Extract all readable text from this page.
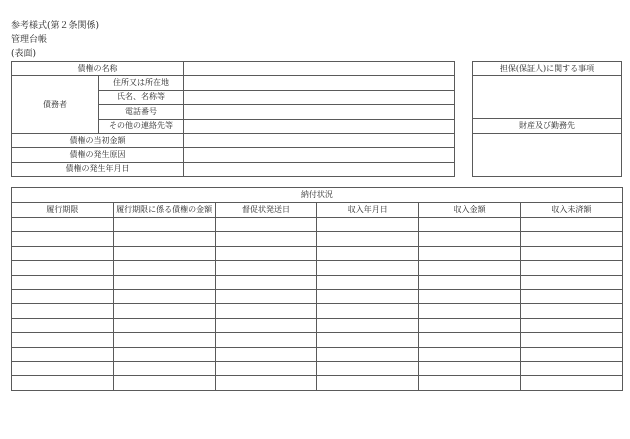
参考様式(第２条関係)
管理台帳
(表面)
債権の名称		
債務者	住所又は所在地	
	氏名、名称等	
	電話番号	
	その他の連絡先等	
債権の当初金額		
債権の発生原因		
債権の発生年月日		
担保(保証人)に関する事項

財産及び勤務先

納付状況					
履行期限	履行期限に係る債権の金額	督促状発送日	収入年月日	収入金額	収入未済額
